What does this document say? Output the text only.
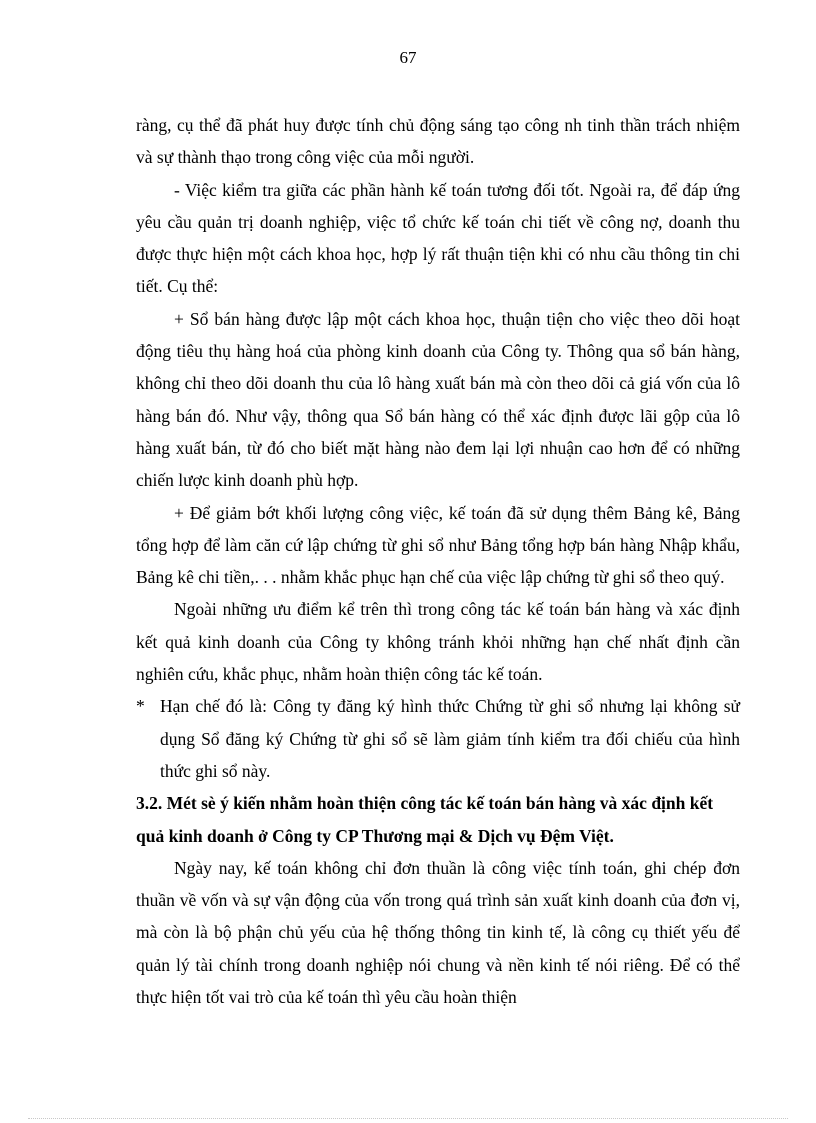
67

ràng, cụ thể đã phát huy được tính chủ động sáng tạo công nh tinh thần trách nhiệm và sự thành thạo trong công việc của mỗi người.

- Việc kiểm tra giữa các phần hành kế toán tương đối tốt. Ngoài ra, để đáp ứng yêu cầu quản trị doanh nghiệp, việc tổ chức kế toán chi tiết về công nợ, doanh thu được thực hiện một cách khoa học, hợp lý rất thuận tiện khi có nhu cầu thông tin chi tiết. Cụ thể:

+ Sổ bán hàng được lập một cách khoa học, thuận tiện cho việc theo dõi hoạt động tiêu thụ hàng hoá của phòng kinh doanh của Công ty. Thông qua sổ bán hàng, không chỉ theo dõi doanh thu của lô hàng xuất bán mà còn theo dõi cả giá vốn của lô hàng bán đó. Như vậy, thông qua Sổ bán hàng có thể xác định được lãi gộp của lô hàng xuất bán, từ đó cho biết mặt hàng nào đem lại lợi nhuận cao hơn để có những chiến lược kinh doanh phù hợp.

+ Để giảm bớt khối lượng công việc, kế toán đã sử dụng thêm Bảng kê, Bảng tổng hợp để làm căn cứ lập chứng từ ghi sổ như Bảng tổng hợp bán hàng Nhập khẩu, Bảng kê chi tiền,. . . nhằm khắc phục hạn chế của việc lập chứng từ ghi sổ theo quý.

Ngoài những ưu điểm kể trên thì trong công tác kế toán bán hàng và xác định kết quả kinh doanh của Công ty không tránh khỏi những hạn chế nhất định cần nghiên cứu, khắc phục, nhằm hoàn thiện công tác kế toán.

* Hạn chế đó là: Công ty đăng ký hình thức Chứng từ ghi sổ nhưng lại không sử dụng Sổ đăng ký Chứng từ ghi sổ sẽ làm giảm tính kiểm tra đối chiếu của hình thức ghi sổ này.

3.2. Mét sè ý kiến nhằm hoàn thiện công tác kế toán bán hàng và xác định kết quả kinh doanh ở Công ty CP Thương mại & Dịch vụ Đệm Việt.

Ngày nay, kế toán không chỉ đơn thuần là công việc tính toán, ghi chép đơn thuần về vốn và sự vận động của vốn trong quá trình sản xuất kinh doanh của đơn vị, mà còn là bộ phận chủ yếu của hệ thống thông tin kinh tế, là công cụ thiết yếu để quản lý tài chính trong doanh nghiệp nói chung và nền kinh tế nói riêng. Để có thể thực hiện tốt vai trò của kế toán thì yêu cầu hoàn thiện
